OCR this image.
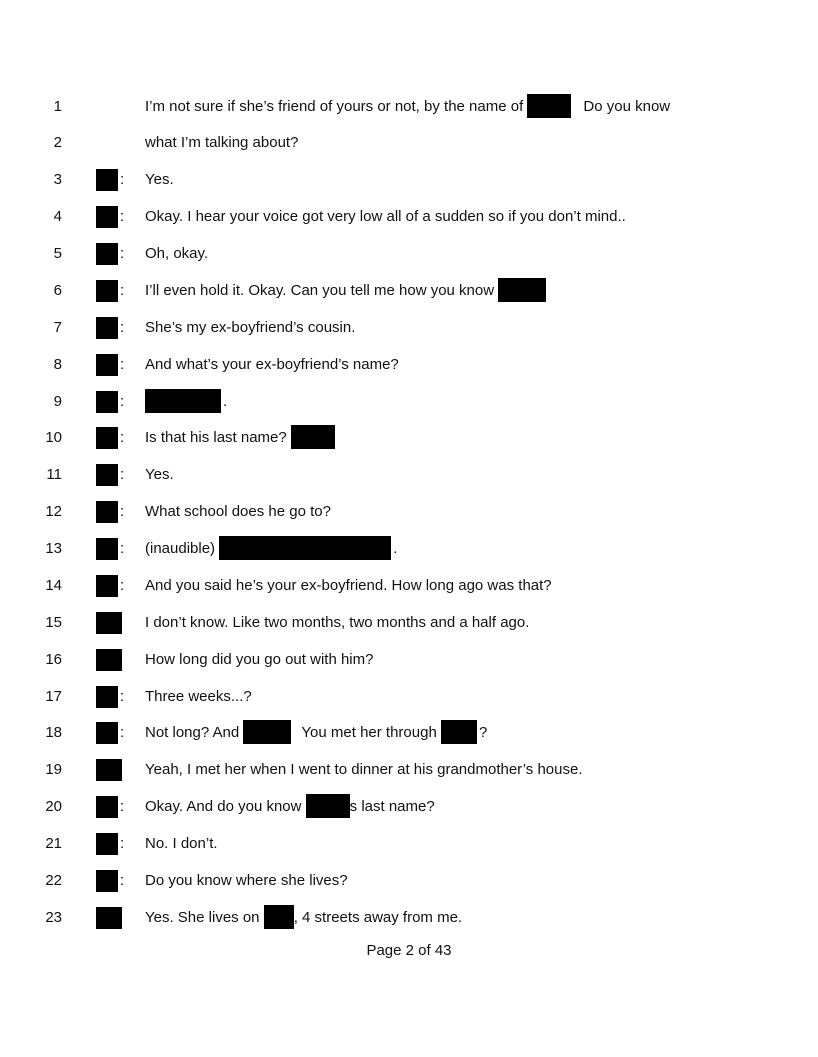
1	I’m not sure if she’s friend of yours or not, by the name of	Do you know
2	what I’m talking about?
3	: Yes.
4	: Okay. I hear your voice got very low all of a sudden so if you don’t mind..
5	: Oh, okay.
6	: I’ll even hold it. Okay. Can you tell me how you know
7	: She’s my ex-boyfriend’s cousin.
8	: And what’s your ex-boyfriend’s name?
9	:	.
10	: Is that his last name?
11	: Yes.
12	: What school does he go to?
13	: (inaudible)	.
14	: And you said he’s your ex-boyfriend. How long ago was that?
15	I don’t know. Like two months, two months and a half ago.
16	How long did you go out with him?
17	: Three weeks...?
18	: Not long? And	You met her through	?
19	Yeah, I met her when I went to dinner at his grandmother’s house.
20	: Okay. And do you know	s last name?
21	: No. I don’t.
22	: Do you know where she lives?
23	Yes. She lives on , 4 streets away from me.
Page 2 of 43
